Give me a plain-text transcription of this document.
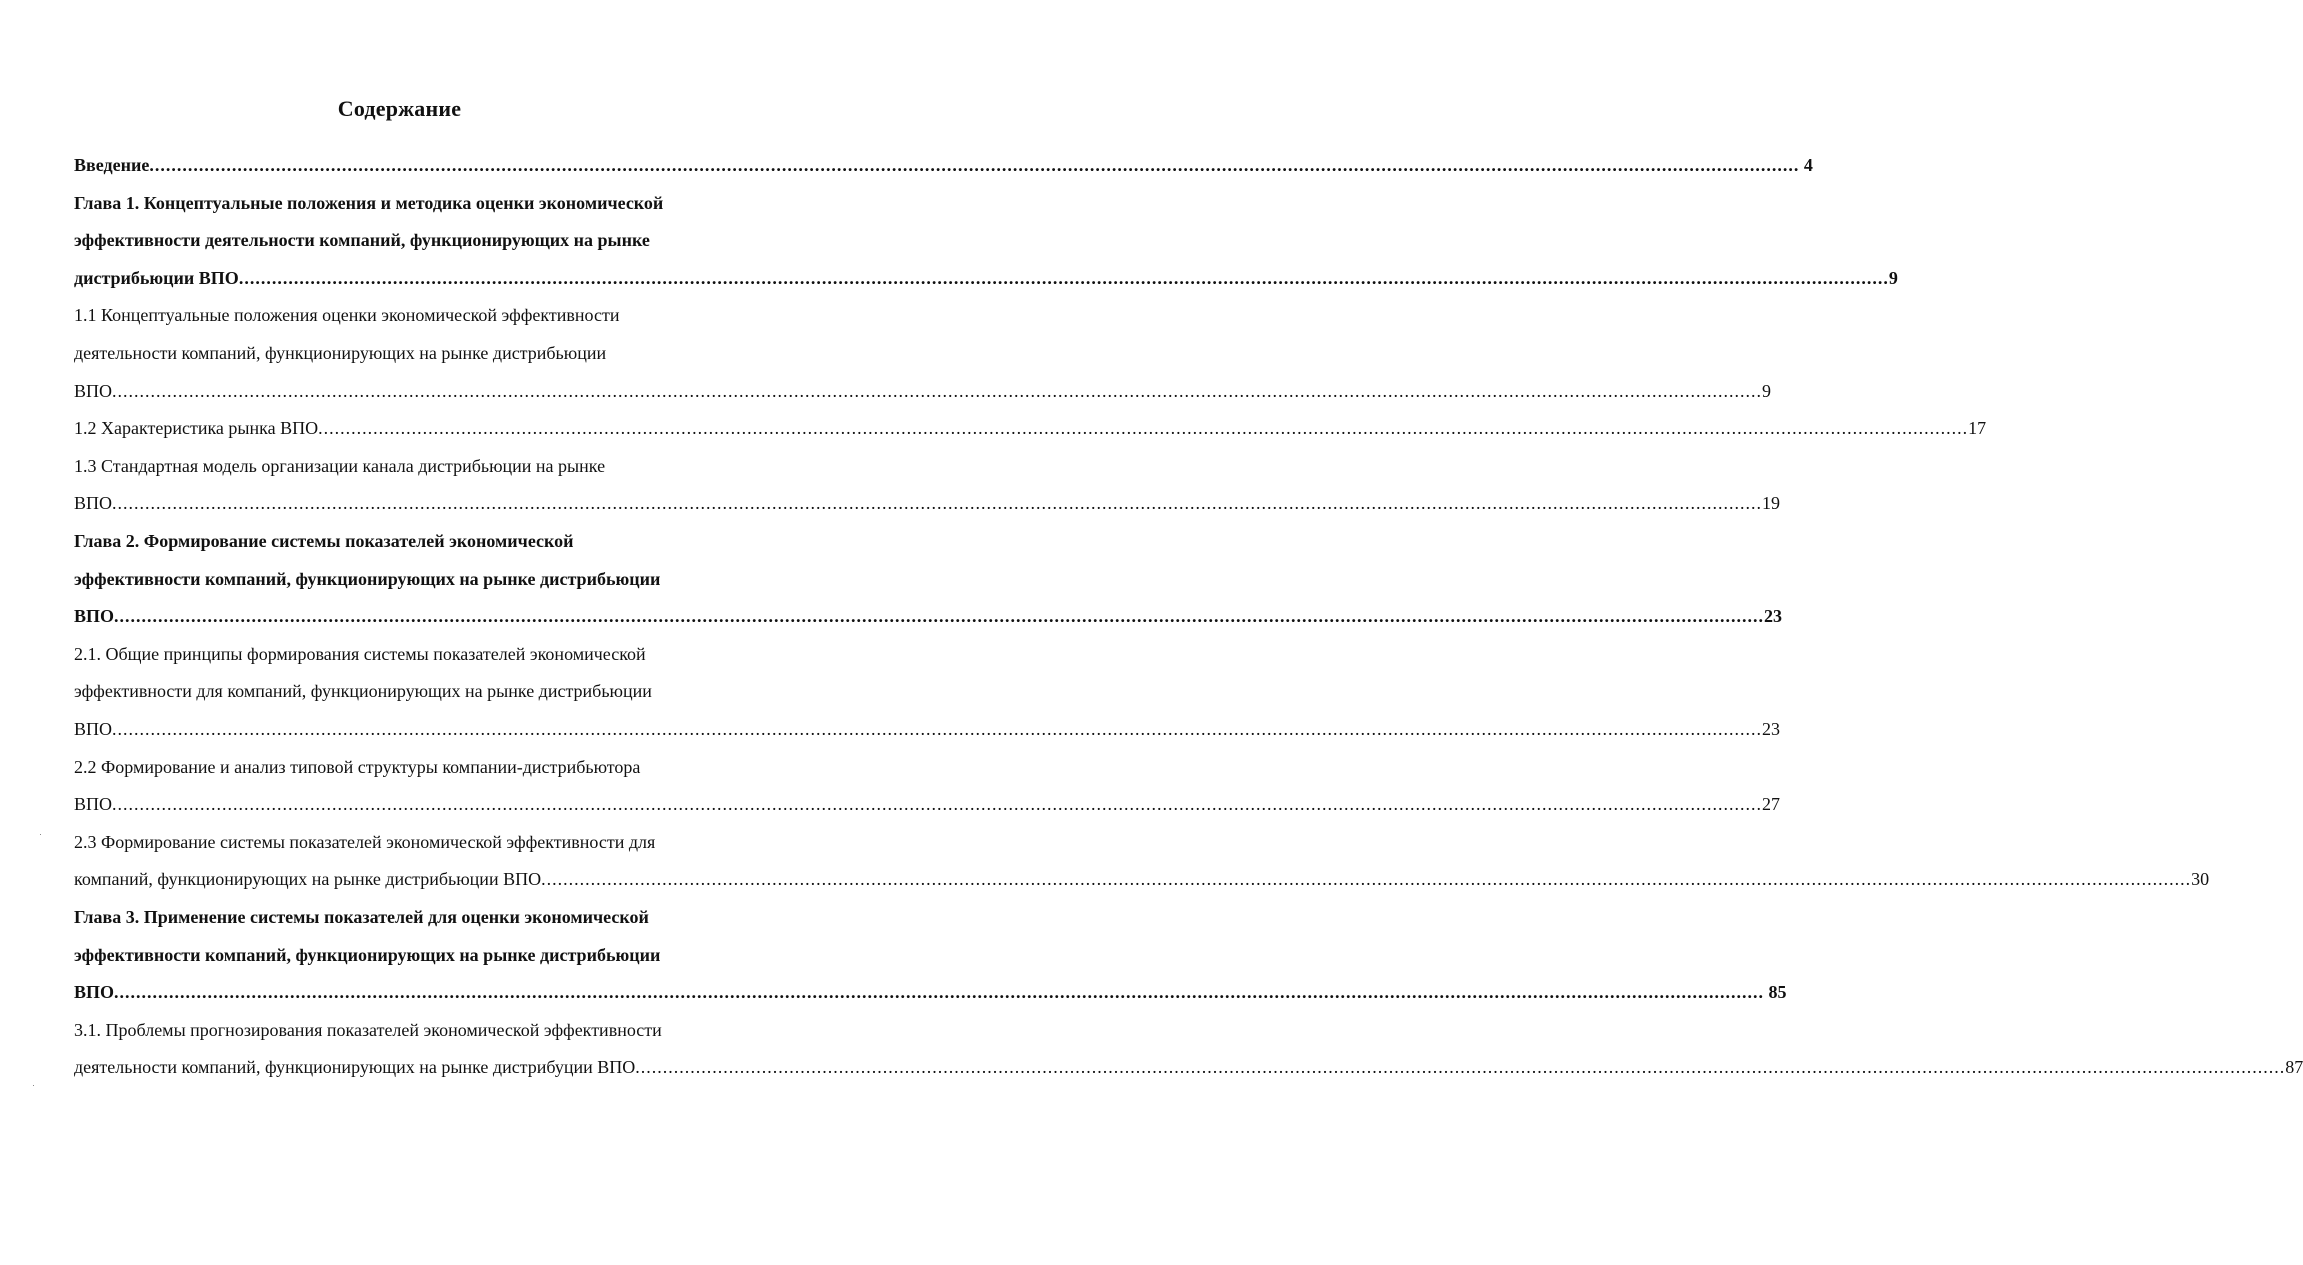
Содержание
Введение ............................................................................................................................................................................................................................................................................................................
4
Глава 1. Концептуальные положения и методика оценки экономической
эффективности деятельности компаний, функционирующих на рынке
дистрибьюции ВПО ............................................................................................................................................................................................................................................................................................................ 9
1.1 Концептуальные положения оценки экономической эффективности
деятельности компаний, функционирующих на рынке дистрибьюции
ВПО ............................................................................................................................................................................................................................................................................................................ 9
1.2 Характеристика рынка ВПО ............................................................................................................................................................................................................................................................................................................ 17
1.3 Стандартная модель организации канала дистрибьюции на рынке
ВПО ............................................................................................................................................................................................................................................................................................................ 19
Глава 2. Формирование системы показателей экономической
эффективности компаний, функционирующих на рынке дистрибьюции
ВПО ............................................................................................................................................................................................................................................................................................................ 23
2.1. Общие принципы формирования системы показателей экономической
эффективности для компаний, функционирующих на рынке дистрибьюции
ВПО ............................................................................................................................................................................................................................................................................................................ 23
2.2 Формирование и анализ типовой структуры компании-дистрибьютора
ВПО ............................................................................................................................................................................................................................................................................................................ 27
2.3 Формирование системы показателей экономической эффективности для
компаний, функционирующих на рынке дистрибьюции ВПО ............................................................................................................................................................................................................................................................................................................ 30
Глава 3. Применение системы показателей для оценки экономической
эффективности компаний, функционирующих на рынке дистрибьюции
ВПО ............................................................................................................................................................................................................................................................................................................
85
3.1. Проблемы прогнозирования показателей экономической эффективности
деятельности компаний, функционирующих на рынке дистрибуции ВПО ............................................................................................................................................................................................................................................................................................................ 87
